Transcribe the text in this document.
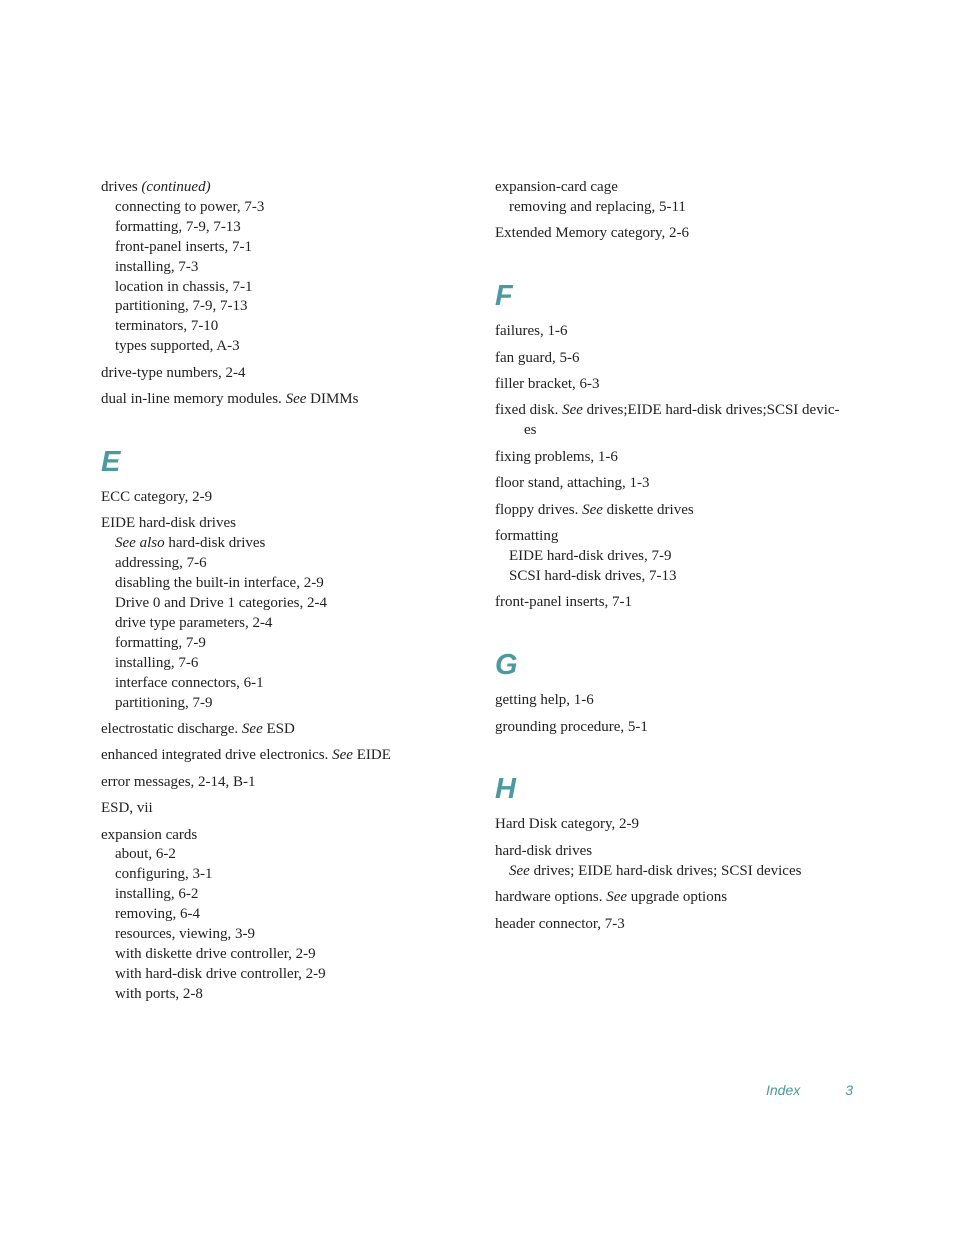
drives (continued)
connecting to power, 7-3
formatting, 7-9, 7-13
front-panel inserts, 7-1
installing, 7-3
location in chassis, 7-1
partitioning, 7-9, 7-13
terminators, 7-10
types supported, A-3
drive-type numbers, 2-4
dual in-line memory modules. See DIMMs
E
ECC category, 2-9
EIDE hard-disk drives
See also hard-disk drives
addressing, 7-6
disabling the built-in interface, 2-9
Drive 0 and Drive 1 categories, 2-4
drive type parameters, 2-4
formatting, 7-9
installing, 7-6
interface connectors, 6-1
partitioning, 7-9
electrostatic discharge. See ESD
enhanced integrated drive electronics. See EIDE
error messages, 2-14, B-1
ESD, vii
expansion cards
about, 6-2
configuring, 3-1
installing, 6-2
removing, 6-4
resources, viewing, 3-9
with diskette drive controller, 2-9
with hard-disk drive controller, 2-9
with ports, 2-8
expansion-card cage
removing and replacing, 5-11
Extended Memory category, 2-6
F
failures, 1-6
fan guard, 5-6
filler bracket, 6-3
fixed disk. See drives;EIDE hard-disk drives;SCSI devic-
es
fixing problems, 1-6
floor stand, attaching, 1-3
floppy drives. See diskette drives
formatting
EIDE hard-disk drives, 7-9
SCSI hard-disk drives, 7-13
front-panel inserts, 7-1
G
getting help, 1-6
grounding procedure, 5-1
H
Hard Disk category, 2-9
hard-disk drives
See drives; EIDE hard-disk drives; SCSI devices
hardware options. See upgrade options
header connector, 7-3
Index	3
